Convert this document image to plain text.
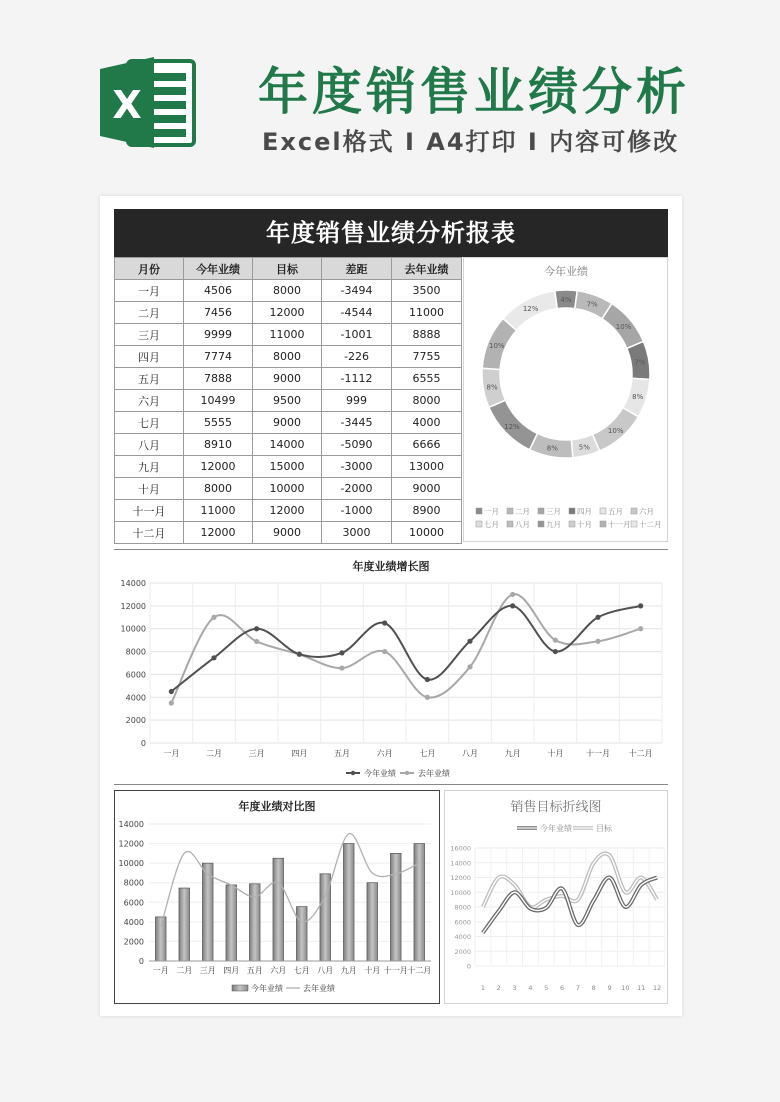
X 年度销售业绩分析
Excel格式 I A4打印 I 内容可修改
年度销售业绩分析报表
月份	今年业绩	目标	差距	去年业绩
一月	4506	8000	-3494	3500
二月	7456	12000	-4544	11000
三月	9999	11000	-1001	8888
四月	7774	8000	-226	7755
五月	7888	9000	-1112	6555
六月	10499	9500	999	8000
七月	5555	9000	-3445	4000
八月	8910	14000	-5090	6666
九月	12000	15000	-3000	13000
十月	8000	10000	-2000	9000
十一月	11000	12000	-1000	8900
十二月	12000	9000	3000	10000
今年业绩
4%
7%
10%
7%
8%
10%
5%
8%
12%
8%
10%
12%
一月 二月 三月 四月 五月 六月
七月 八月 九月 十月 十一月 十二月
年度业绩增长图
0
2000
4000
6000
8000
10000
12000
14000
一月	二月	三月	四月	五月	六月	七月	八月	九月	十月	十一月 十二月
今年业绩	去年业绩
年度业绩对比图
0
2000
4000
6000
8000
10000
12000
14000
一月 二月 三月 四月 五月 六月 七月 八月 九月 十月 十一月 十二月
今年业绩	去年业绩
销售目标折线图
今年业绩	目标
0
2000
4000
6000
8000
10000
12000
14000
16000
1 2 3 4 5 6 7 8 9 10 11 12
